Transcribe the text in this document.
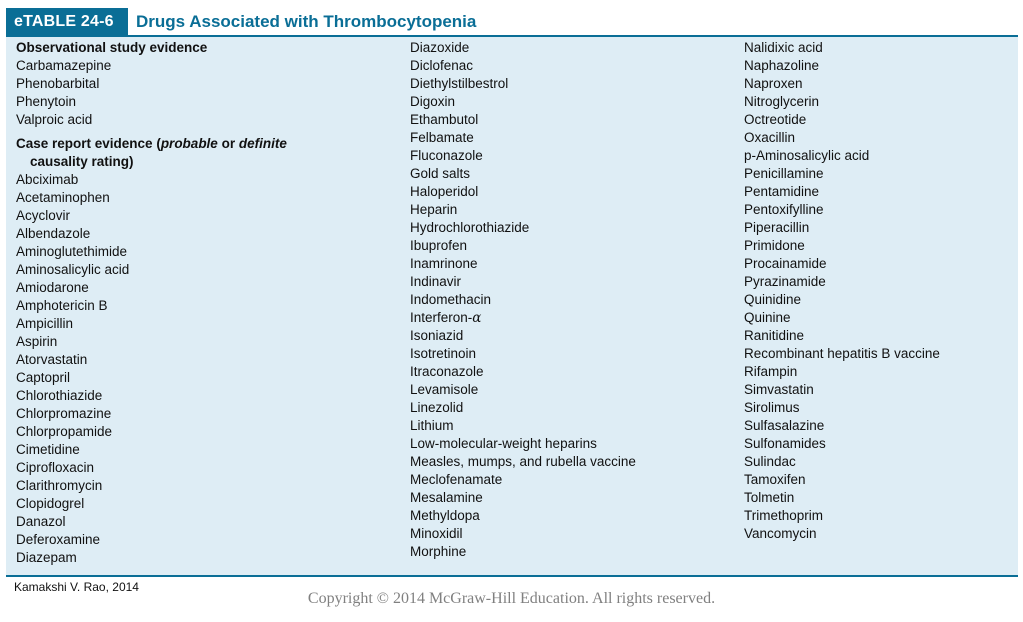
eTABLE 24-6	Drugs Associated with Thrombocytopenia
Observational study evidence
Carbamazepine
Phenobarbital
Phenytoin
Valproic acid
Case report evidence (probable or definite
causality rating)
Abciximab
Acetaminophen
Acyclovir
Albendazole
Aminoglutethimide
Aminosalicylic acid
Amiodarone
Amphotericin B
Ampicillin
Aspirin
Atorvastatin
Captopril
Chlorothiazide
Chlorpromazine
Chlorpropamide
Cimetidine
Ciprofloxacin
Clarithromycin
Clopidogrel
Danazol
Deferoxamine
Diazepam
Diazoxide
Diclofenac
Diethylstilbestrol
Digoxin
Ethambutol
Felbamate
Fluconazole
Gold salts
Haloperidol
Heparin
Hydrochlorothiazide
Ibuprofen
Inamrinone
Indinavir
Indomethacin
Interferon-α
Isoniazid
Isotretinoin
Itraconazole
Levamisole
Linezolid
Lithium
Low-molecular-weight heparins
Measles, mumps, and rubella vaccine
Meclofenamate
Mesalamine
Methyldopa
Minoxidil
Morphine
Nalidixic acid
Naphazoline
Naproxen
Nitroglycerin
Octreotide
Oxacillin
p-Aminosalicylic acid
Penicillamine
Pentamidine
Pentoxifylline
Piperacillin
Primidone
Procainamide
Pyrazinamide
Quinidine
Quinine
Ranitidine
Recombinant hepatitis B vaccine
Rifampin
Simvastatin
Sirolimus
Sulfasalazine
Sulfonamides
Sulindac
Tamoxifen
Tolmetin
Trimethoprim
Vancomycin
Kamakshi V. Rao, 2014
Copyright © 2014 McGraw-Hill Education. All rights reserved.
